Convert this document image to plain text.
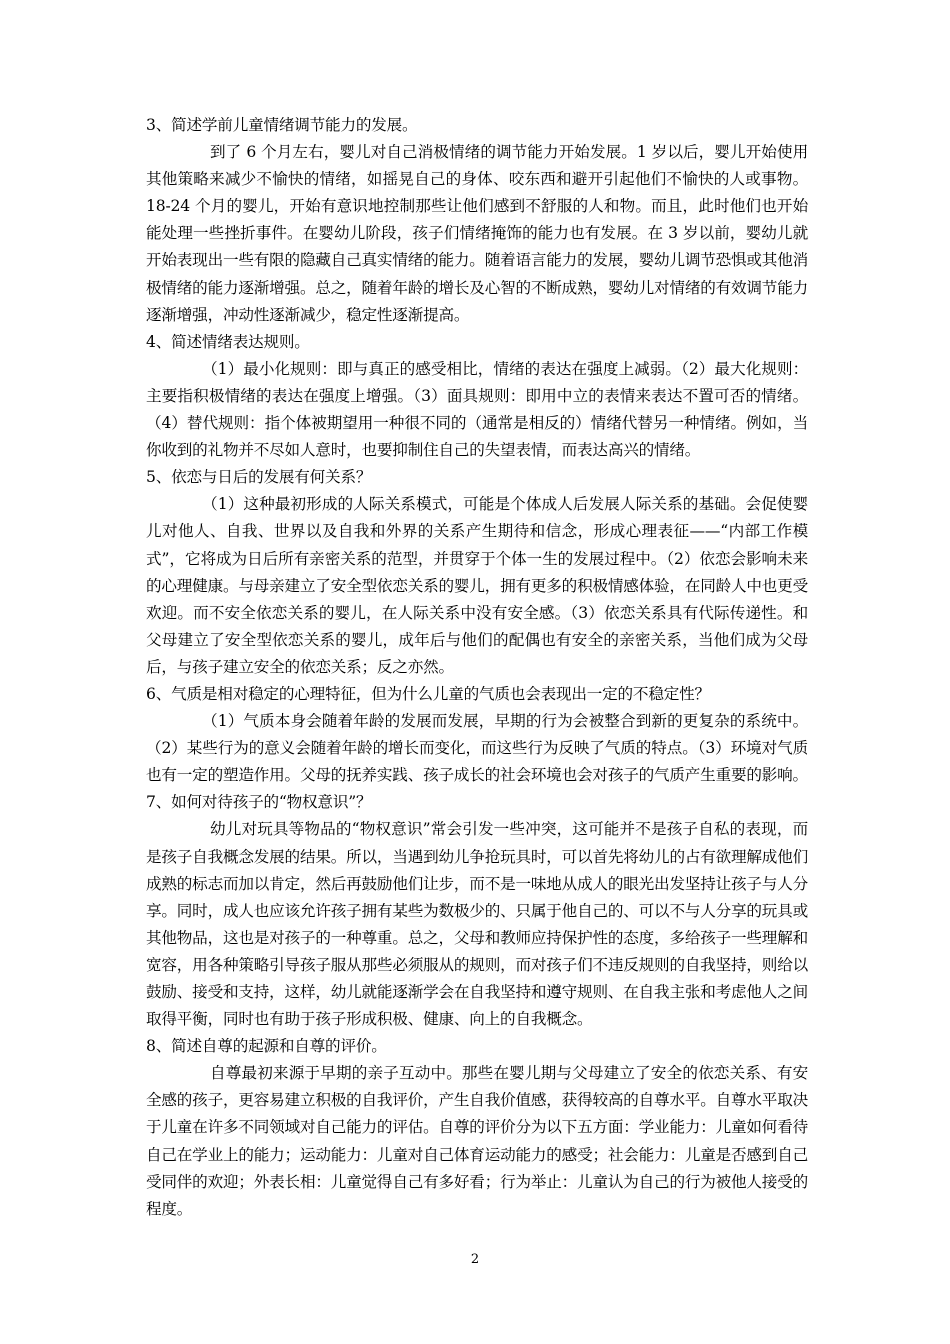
3、简述学前儿童情绪调节能力的发展。

到了 6 个月左右，婴儿对自己消极情绪的调节能力开始发展。1 岁以后，婴儿开始使用其他策略来减少不愉快的情绪，如摇晃自己的身体、咬东西和避开引起他们不愉快的人或事物。18-24 个月的婴儿，开始有意识地控制那些让他们感到不舒服的人和物。而且，此时他们也开始能处理一些挫折事件。在婴幼儿阶段，孩子们情绪掩饰的能力也有发展。在 3 岁以前，婴幼儿就开始表现出一些有限的隐藏自己真实情绪的能力。随着语言能力的发展，婴幼儿调节恐惧或其他消极情绪的能力逐渐增强。总之，随着年龄的增长及心智的不断成熟，婴幼儿对情绪的有效调节能力逐渐增强，冲动性逐渐减少，稳定性逐渐提高。

4、简述情绪表达规则。

（1）最小化规则：即与真正的感受相比，情绪的表达在强度上减弱。（2）最大化规则：主要指积极情绪的表达在强度上增强。（3）面具规则：即用中立的表情来表达不置可否的情绪。（4）替代规则：指个体被期望用一种很不同的（通常是相反的）情绪代替另一种情绪。例如，当你收到的礼物并不尽如人意时，也要抑制住自己的失望表情，而表达高兴的情绪。

5、依恋与日后的发展有何关系？

（1）这种最初形成的人际关系模式，可能是个体成人后发展人际关系的基础。会促使婴儿对他人、自我、世界以及自我和外界的关系产生期待和信念，形成心理表征——“内部工作模式”，它将成为日后所有亲密关系的范型，并贯穿于个体一生的发展过程中。（2）依恋会影响未来的心理健康。与母亲建立了安全型依恋关系的婴儿，拥有更多的积极情感体验，在同龄人中也更受欢迎。而不安全依恋关系的婴儿，在人际关系中没有安全感。（3）依恋关系具有代际传递性。和父母建立了安全型依恋关系的婴儿，成年后与他们的配偶也有安全的亲密关系，当他们成为父母后，与孩子建立安全的依恋关系；反之亦然。

6、气质是相对稳定的心理特征，但为什么儿童的气质也会表现出一定的不稳定性？

（1）气质本身会随着年龄的发展而发展，早期的行为会被整合到新的更复杂的系统中。（2）某些行为的意义会随着年龄的增长而变化，而这些行为反映了气质的特点。（3）环境对气质也有一定的塑造作用。父母的抚养实践、孩子成长的社会环境也会对孩子的气质产生重要的影响。

7、如何对待孩子的“物权意识”？

幼儿对玩具等物品的“物权意识”常会引发一些冲突，这可能并不是孩子自私的表现，而是孩子自我概念发展的结果。所以，当遇到幼儿争抢玩具时，可以首先将幼儿的占有欲理解成他们成熟的标志而加以肯定，然后再鼓励他们让步，而不是一味地从成人的眼光出发坚持让孩子与人分享。同时，成人也应该允许孩子拥有某些为数极少的、只属于他自己的、可以不与人分享的玩具或其他物品，这也是对孩子的一种尊重。总之，父母和教师应持保护性的态度，多给孩子一些理解和宽容，用各种策略引导孩子服从那些必须服从的规则，而对孩子们不违反规则的自我坚持，则给以鼓励、接受和支持，这样，幼儿就能逐渐学会在自我坚持和遵守规则、在自我主张和考虑他人之间取得平衡，同时也有助于孩子形成积极、健康、向上的自我概念。

8、简述自尊的起源和自尊的评价。

自尊最初来源于早期的亲子互动中。那些在婴儿期与父母建立了安全的依恋关系、有安全感的孩子，更容易建立积极的自我评价，产生自我价值感，获得较高的自尊水平。自尊水平取决于儿童在许多不同领域对自己能力的评估。自尊的评价分为以下五方面：学业能力：儿童如何看待自己在学业上的能力；运动能力：儿童对自己体育运动能力的感受；社会能力：儿童是否感到自己受同伴的欢迎；外表长相：儿童觉得自己有多好看；行为举止：儿童认为自己的行为被他人接受的程度。

2
